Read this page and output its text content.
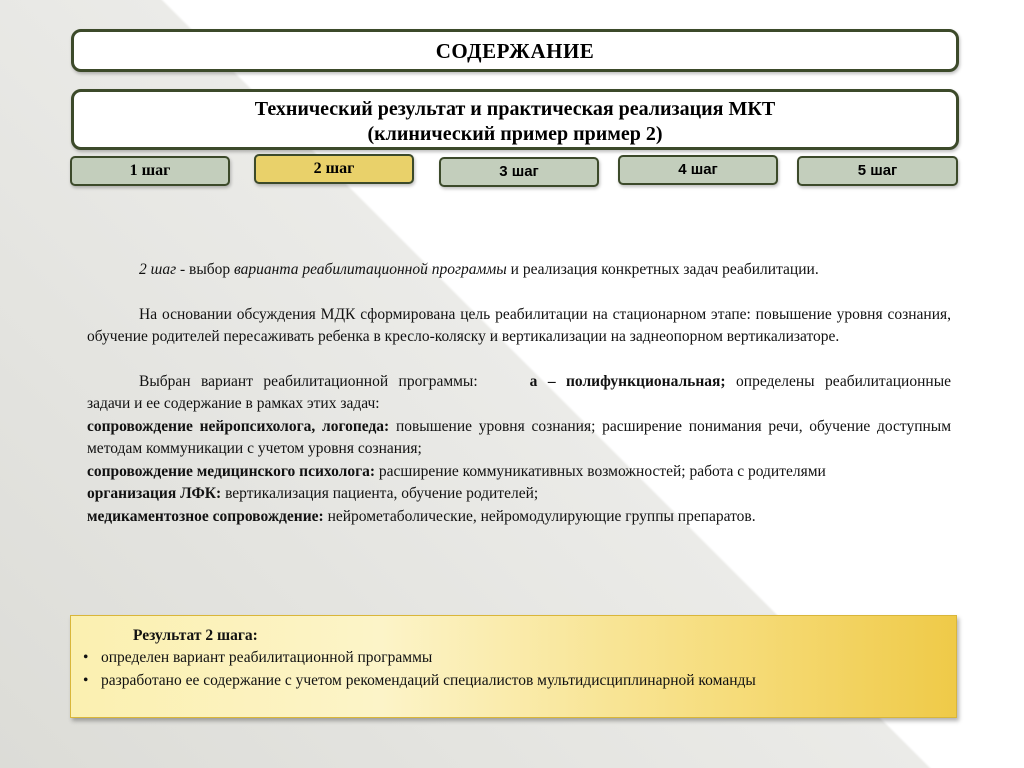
СОДЕРЖАНИЕ
Технический результат и практическая реализация МКТ
(клинический пример пример 2)
1 шаг	2 шаг	3 шаг	4 шаг	5 шаг

2 шаг - выбор варианта реабилитационной программы и реализация конкретных задач реабилитации.

На основании обсуждения МДК сформирована цель реабилитации на стационарном этапе: повышение уровня сознания, обучение родителей пересаживать ребенка в кресло-коляску и вертикализации на заднеопорном вертикализаторе.

Выбран вариант реабилитационной программы:	а – полифункциональная; определены реабилитационные задачи и ее содержание в рамках этих задач:

сопровождение нейропсихолога, логопеда: повышение уровня сознания; расширение понимания речи, обучение доступным методам коммуникации с учетом уровня сознания;

сопровождение медицинского психолога: расширение коммуникативных возможностей; работа с родителями

организация ЛФК: вертикализация пациента, обучение родителей;

медикаментозное сопровождение: нейрометаболические, нейромодулирующие группы препаратов.

Результат 2 шага:
• определен вариант реабилитационной программы
• разработано ее содержание с учетом рекомендаций специалистов мультидисциплинарной команды
